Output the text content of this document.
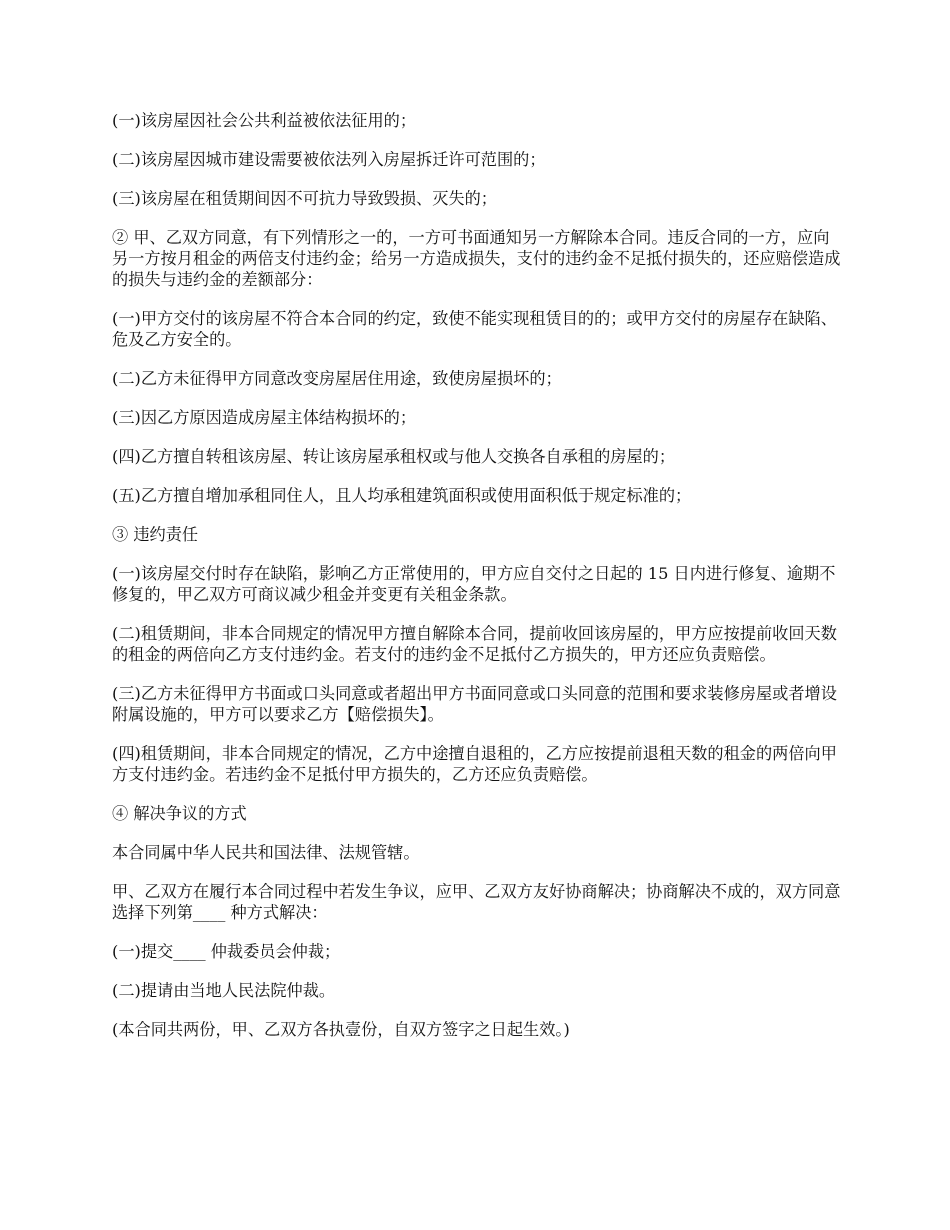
(一)该房屋因社会公共利益被依法征用的；

(二)该房屋因城市建设需要被依法列入房屋拆迁许可范围的；

(三)该房屋在租赁期间因不可抗力导致毁损、灭失的；

② 甲、乙双方同意，有下列情形之一的，一方可书面通知另一方解除本合同。违反合同的一方，应向另一方按月租金的两倍支付违约金；给另一方造成损失，支付的违约金不足抵付损失的，还应赔偿造成的损失与违约金的差额部分：

(一)甲方交付的该房屋不符合本合同的约定，致使不能实现租赁目的的；或甲方交付的房屋存在缺陷、危及乙方安全的。

(二)乙方未征得甲方同意改变房屋居住用途，致使房屋损坏的；

(三)因乙方原因造成房屋主体结构损坏的；

(四)乙方擅自转租该房屋、转让该房屋承租权或与他人交换各自承租的房屋的；

(五)乙方擅自增加承租同住人，且人均承租建筑面积或使用面积低于规定标准的；

③ 违约责任

(一)该房屋交付时存在缺陷，影响乙方正常使用的，甲方应自交付之日起的 15 日内进行修复、逾期不修复的，甲乙双方可商议减少租金并变更有关租金条款。

(二)租赁期间，非本合同规定的情况甲方擅自解除本合同，提前收回该房屋的，甲方应按提前收回天数的租金的两倍向乙方支付违约金。若支付的违约金不足抵付乙方损失的，甲方还应负责赔偿。

(三)乙方未征得甲方书面或口头同意或者超出甲方书面同意或口头同意的范围和要求装修房屋或者增设附属设施的，甲方可以要求乙方【赔偿损失】。

(四)租赁期间，非本合同规定的情况，乙方中途擅自退租的，乙方应按提前退租天数的租金的两倍向甲方支付违约金。若违约金不足抵付甲方损失的，乙方还应负责赔偿。

④ 解决争议的方式

本合同属中华人民共和国法律、法规管辖。

甲、乙双方在履行本合同过程中若发生争议，应甲、乙双方友好协商解决；协商解决不成的，双方同意选择下列第____ 种方式解决：

(一)提交____ 仲裁委员会仲裁；

(二)提请由当地人民法院仲裁。

(本合同共两份，甲、乙双方各执壹份，自双方签字之日起生效。)
